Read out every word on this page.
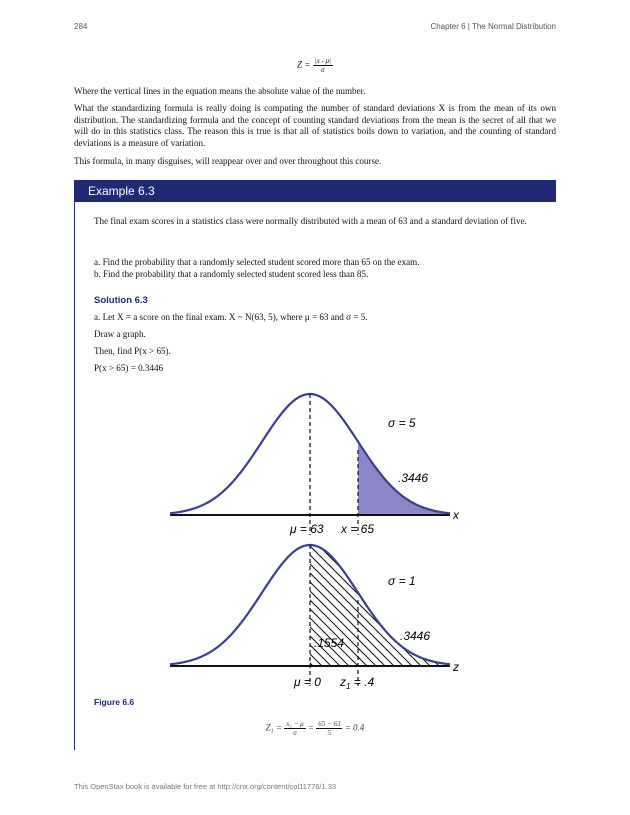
284	Chapter 6 | The Normal Distribution
$Z = \frac{|x - \mu|}{\sigma}$

Where the vertical lines in the equation means the absolute value of the number.

What the standardizing formula is really doing is computing the number of standard deviations X is from the mean of its own distribution. The standardizing formula and the concept of counting standard deviations from the mean is the secret of all that we will do in this statistics class. The reason this is true is that all of statistics boils down to variation, and the counting of standard deviations is a measure of variation.

This formula, in many disguises, will reappear over and over throughout this course.

Example 6.3

The final exam scores in a statistics class were normally distributed with a mean of 63 and a standard deviation of five.

a. Find the probability that a randomly selected student scored more than 65 on the exam.

b. Find the probability that a randomly selected student scored less than 85.

Solution 6.3

a. Let X = a score on the final exam. X ~ N(63, 5), where μ = 63 and σ = 5.

Draw a graph.

Then, find P(x > 65).

P(x > 65) = 0.3446

σ = 5
.3446
x
μ = 63 x = 65
σ = 1
.1554	.3446
z
μ = 0 $z_1 = .4$
Figure 6.6
$Z_1 = \frac{\text{x₁ − μ}}{\sigma} = \frac{65 - 63}{5} = 0.4$
This OpenStax book is available for free at http://cnx.org/content/col11776/1.33
